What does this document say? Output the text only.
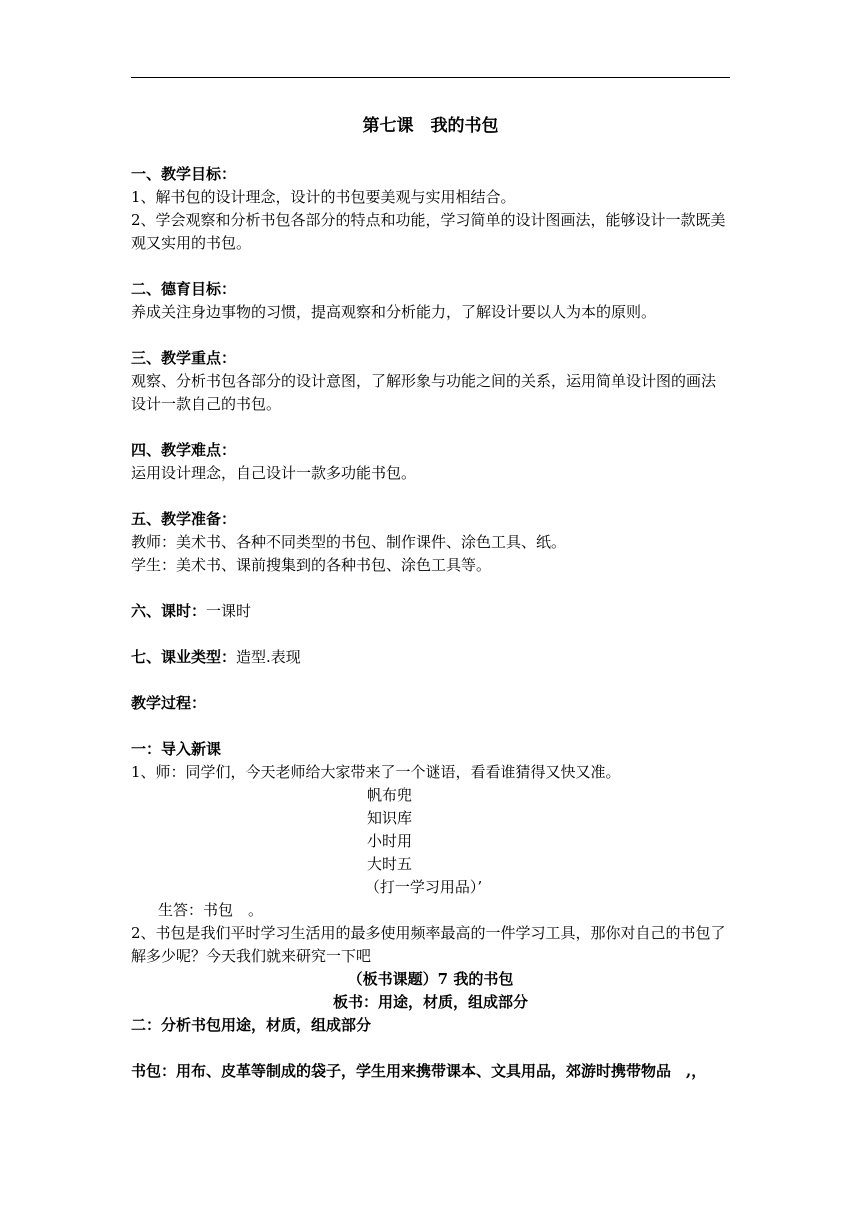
第七课　我的书包

一、教学目标：

1、解书包的设计理念，设计的书包要美观与实用相结合。

2、学会观察和分析书包各部分的特点和功能，学习简单的设计图画法，能够设计一款既美观又实用的书包。

二、德育目标：

养成关注身边事物的习惯，提高观察和分析能力，了解设计要以人为本的原则。

三、教学重点：

观察、分析书包各部分的设计意图，了解形象与功能之间的关系，运用简单设计图的画法设计一款自己的书包。

四、教学难点：

运用设计理念，自己设计一款多功能书包。

五、教学准备：

教师：美术书、各种不同类型的书包、制作课件、涂色工具、纸。

学生：美术书、课前搜集到的各种书包、涂色工具等。

六、课时：一课时

七、课业类型：造型.表现

教学过程：

一：导入新课

1、师：同学们，今天老师给大家带来了一个谜语，看看谁猜得又快又准。

帆布兜

知识库

小时用

大时五

（打一学习用品）’

生答：书包　。

2、书包是我们平时学习生活用的最多使用频率最高的一件学习工具，那你对自己的书包了解多少呢？今天我们就来研究一下吧

（板书课题）7 我的书包

板书：用途，材质，组成部分

二：分析书包用途，材质，组成部分

书包：用布、皮革等制成的袋子，学生用来携带课本、文具用品，郊游时携带物品　,，
